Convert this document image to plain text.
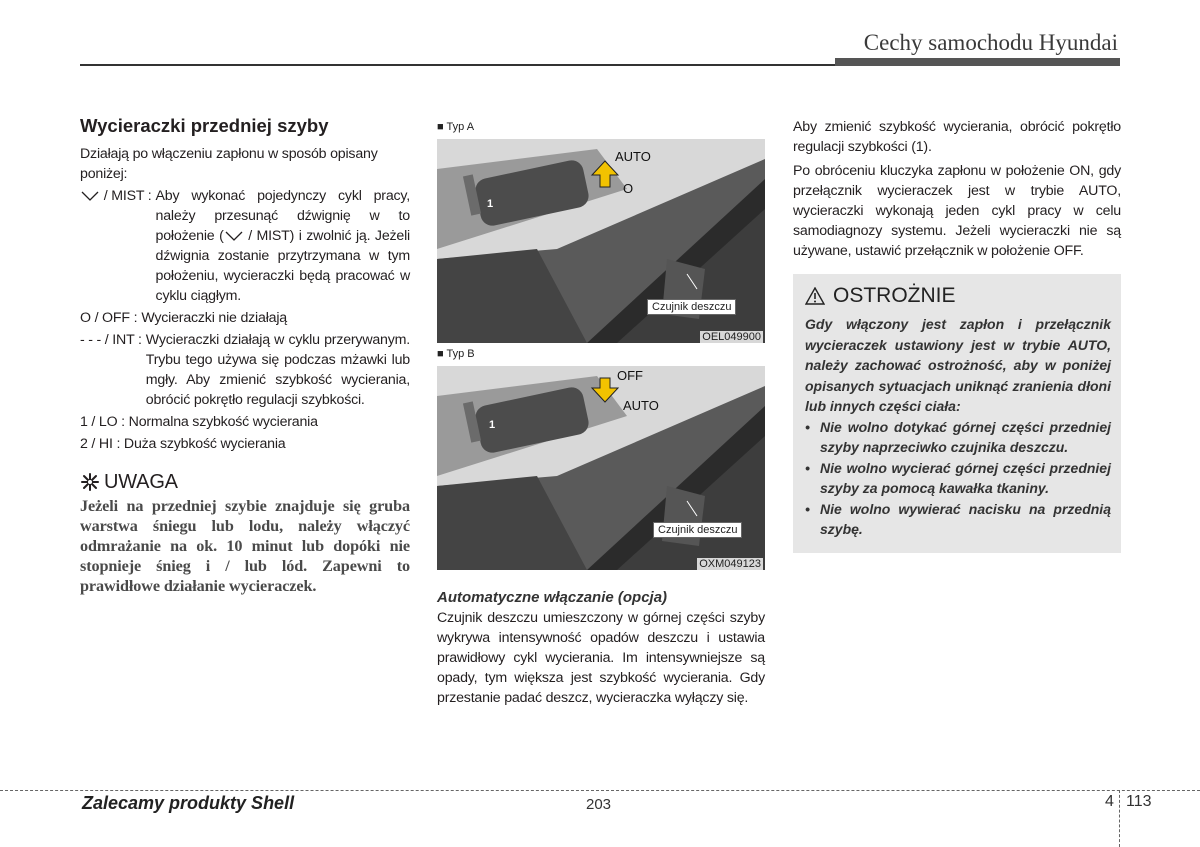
Cechy samochodu Hyundai
Wycieraczki przedniej szyby

Działają po włączeniu zapłonu w sposób opisany poniżej:

/ MIST : Aby wykonać pojedynczy cykl pracy, należy przesunąć dźwignię w to położenie ( / MIST) i zwolnić ją. Jeżeli dźwignia zostanie przytrzymana w tym położeniu, wycieraczki będą pracować w cyklu ciągłym.
O / OFF : Wycieraczki nie działają
- - - / INT : Wycieraczki działają w cyklu przerywanym. Trybu tego używa się podczas mżawki lub mgły. Aby zmienić szybkość wycierania, obrócić pokrętło regulacji szybkości.

1 / LO : Normalna szybkość wycierania

2 / HI : Duża szybkość wycierania

UWAGA
Jeżeli na przedniej szybie znajduje się gruba warstwa śniegu lub lodu, należy włączyć odmrażanie na ok. 10 minut lub dopóki nie stopnieje śnieg i / lub lód. Zapewni to prawidłowe działanie wycieraczek.
■ Typ A
1
AUTO
O
Czujnik deszczu
OEL049900
■ Typ B
1
OFF
AUTO
Czujnik deszczu
OXM049123
Automatyczne włączanie (opcja)

Czujnik deszczu umieszczony w górnej części szyby wykrywa intensywność opadów deszczu i ustawia prawidłowy cykl wycierania. Im intensywniejsze są opady, tym większa jest szybkość wycierania. Gdy przestanie padać deszcz, wycieraczka wyłączy się.

Aby zmienić szybkość wycierania, obrócić pokrętło regulacji szybkości (1).

Po obróceniu kluczyka zapłonu w położenie ON, gdy przełącznik wycieraczek jest w trybie AUTO, wycieraczki wykonają jeden cykl pracy w celu samodiagnozy systemu. Jeżeli wycieraczki nie są używane, ustawić przełącznik w położenie OFF.

OSTROŻNIE

Gdy włączony jest zapłon i przełącznik wycieraczek ustawiony jest w trybie AUTO, należy zachować ostrożność, aby w poniżej opisanych sytuacjach uniknąć zranienia dłoni lub innych części ciała:

• Nie wolno dotykać górnej części przedniej szyby naprzeciwko czujnika deszczu.
• Nie wolno wycierać górnej części przedniej szyby za pomocą kawałka tkaniny.
• Nie wolno wywierać nacisku na przednią szybę.
Zalecamy produkty Shell	203	4 113
